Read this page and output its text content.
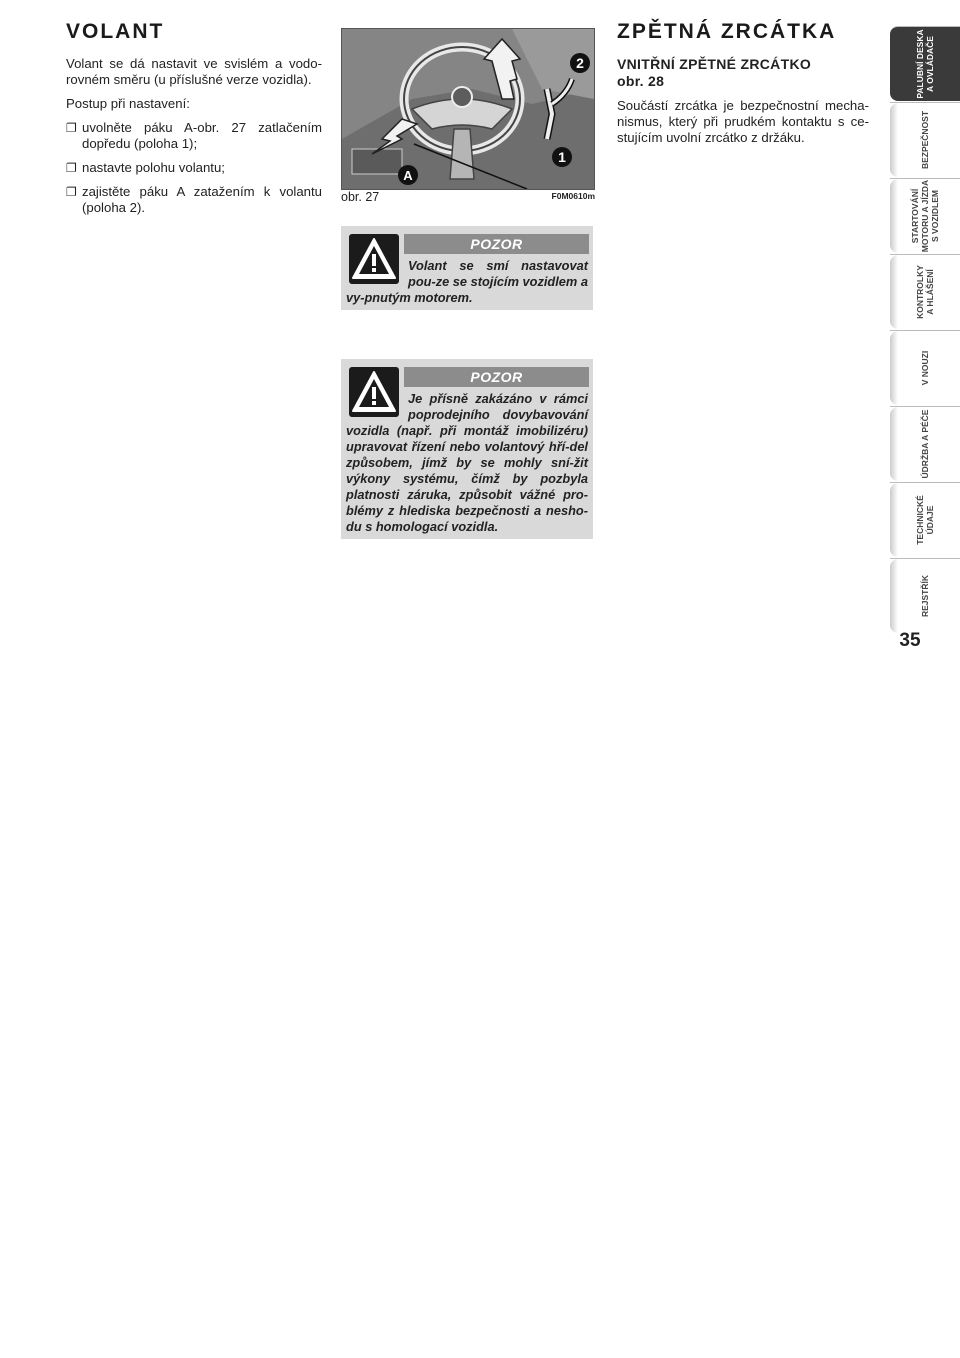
VOLANT

Volant se dá nastavit ve svislém a vodo-rovném směru (u příslušné verze vozidla).

Postup při nastavení:

❐ uvolněte páku A-obr. 27 zatlačením dopředu (poloha 1);
❐ nastavte polohu volantu;
❐ zajistěte páku A zatažením k volantu (poloha 2).
2
1
A
obr. 27	F0M0610m
POZOR
Volant se smí nastavovat pou-ze se stojícím vozidlem a vy-pnutým motorem.
POZOR
Je přísně zakázáno v rámci poprodejního dovybavování vozidla (např. při montáž imobilizéru) upravovat řízení nebo volantový hří-del způsobem, jímž by se mohly sní-žit výkony systému, čímž by pozbyla platnosti záruka, způsobit vážné pro-blémy z hlediska bezpečnosti a nesho-du s homologací vozidla.
ZPĚTNÁ ZRCÁTKA
VNITŘNÍ ZPĚTNÉ ZRCÁTKO
obr. 28

Součástí zrcátka je bezpečnostní mecha-nismus, který při prudkém kontaktu s ce-stujícím uvolní zrcátko z držáku.

PALUBNÍ DESKA
A OVLÁDAČE
BEZPEČNOST
STARTOVÁNÍ
MOTORU A JÍZDA
S VOZIDLEM
KONTROLKY
A HLÁŠENÍ
V NOUZI
ÚDRŽBA A PÉČE
TECHNICKÉ
ÚDAJE
REJSTŘÍK
35
